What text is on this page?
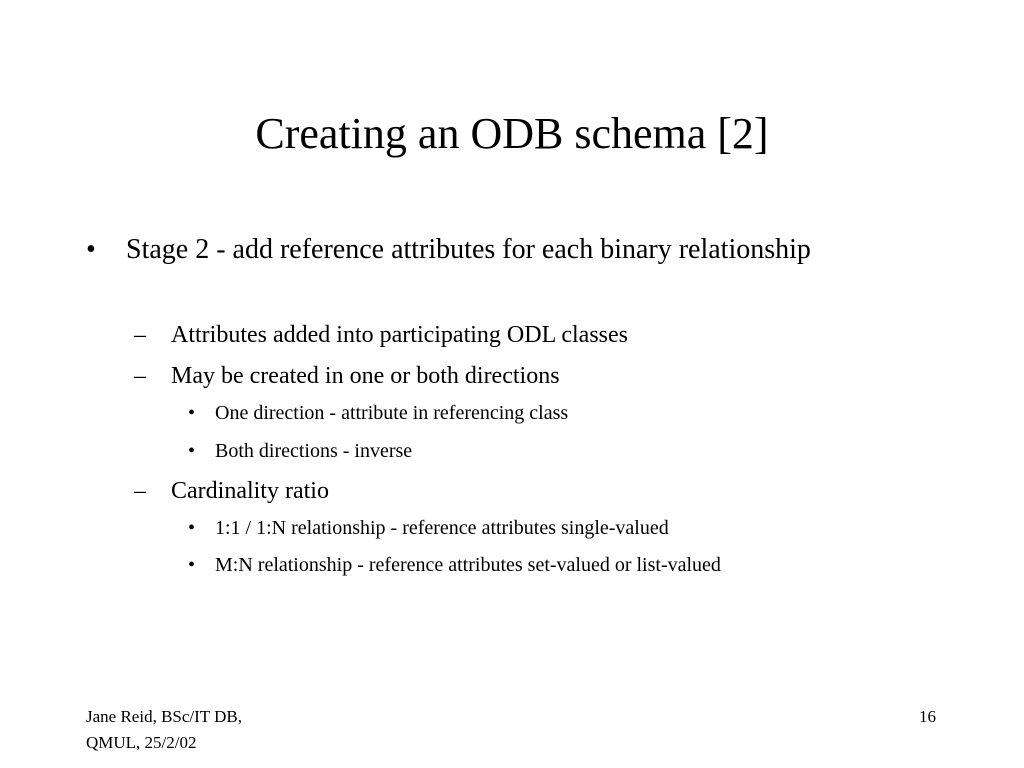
Creating an ODB schema [2]
•	Stage 2 - add reference attributes for each binary relationship
–	Attributes added into participating ODL classes
–	May be created in one or both directions
• One direction - attribute in referencing class
• Both directions - inverse
–	Cardinality ratio
• 1:1 / 1:N relationship - reference attributes single-valued
• M:N relationship - reference attributes set-valued or list-valued
Jane Reid, BSc/IT DB,
QMUL, 25/2/02
16
